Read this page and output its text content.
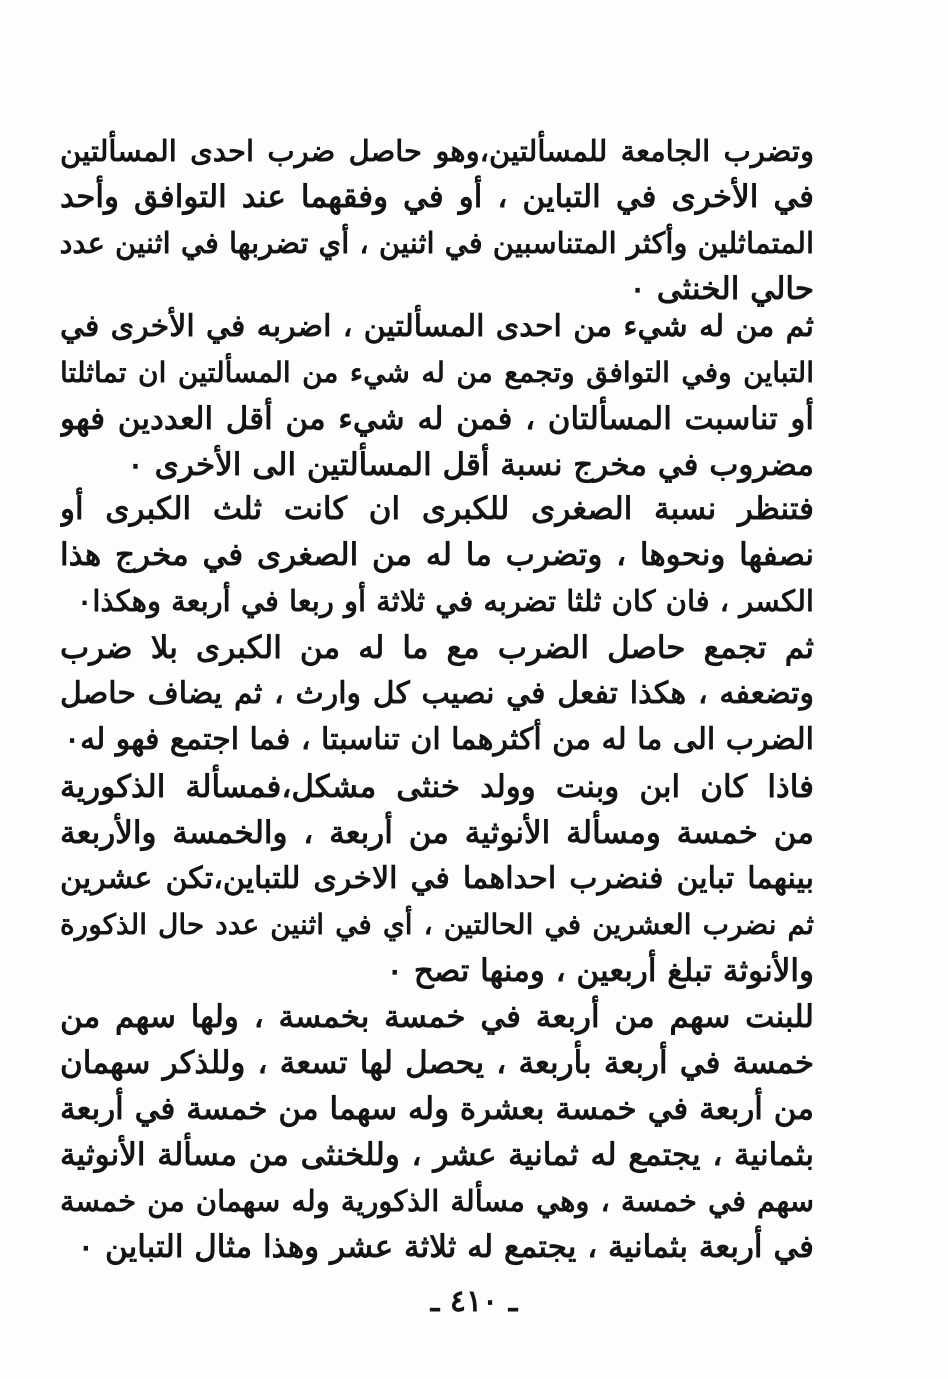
وتضرب الجامعة للمسألتين،وهو حاصل ضرب احدى المسألتين
في الأخرى في التباين ، أو في وفقهما عند التوافق وأحد
المتماثلين وأكثر المتناسبين في اثنين ، أي تضربها في اثنين عدد
حالي الخنثى ٠
ثم من له شيء من احدى المسألتين ، اضربه في الأخرى في
التباين وفي التوافق وتجمع من له شيء من المسألتين ان تماثلتا
أو تناسبت المسألتان ، فمن له شيء من أقل العددين فهو
مضروب في مخرج نسبة أقل المسألتين الى الأخرى ٠
فتنظر نسبة الصغرى للكبرى ان كانت ثلث الكبرى أو
نصفها ونحوها ، وتضرب ما له من الصغرى في مخرج هذا
الكسر ، فان كان ثلثا تضربه في ثلاثة أو ربعا في أربعة وهكذا٠
ثم تجمع حاصل الضرب مع ما له من الكبرى بلا ضرب
وتضعفه ، هكذا تفعل في نصيب كل وارث ، ثم يضاف حاصل
الضرب الى ما له من أكثرهما ان تناسبتا ، فما اجتمع فهو له٠
فاذا كان ابن وبنت وولد خنثى مشكل،فمسألة الذكورية
من خمسة ومسألة الأنوثية من أربعة ، والخمسة والأربعة
بينهما تباين فنضرب احداهما في الاخرى للتباين،تكن عشرين
ثم نضرب العشرين في الحالتين ، أي في اثنين عدد حال الذكورة
والأنوثة تبلغ أربعين ، ومنها تصح ٠
للبنت سهم من أربعة في خمسة بخمسة ، ولها سهم من
خمسة في أربعة بأربعة ، يحصل لها تسعة ، وللذكر سهمان
من أربعة في خمسة بعشرة وله سهما من خمسة في أربعة
بثمانية ، يجتمع له ثمانية عشر ، وللخنثى من مسألة الأنوثية
سهم في خمسة ، وهي مسألة الذكورية وله سهمان من خمسة
في أربعة بثمانية ، يجتمع له ثلاثة عشر وهذا مثال التباين ٠
ـ ٤١٠ ـ
